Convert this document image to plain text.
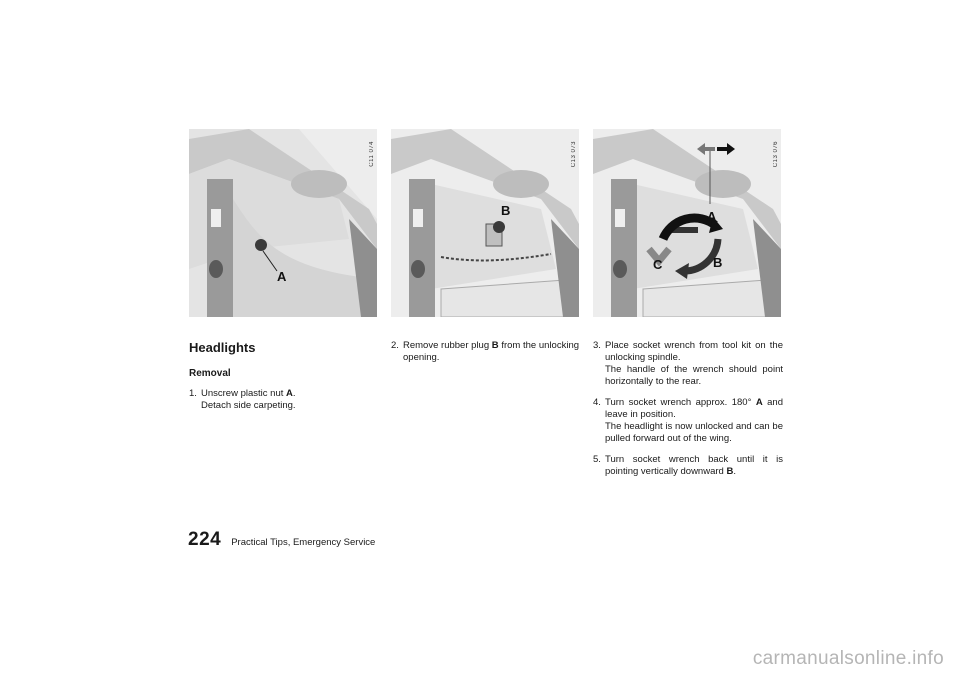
A
C11 074
B
C13 073
A
B
C
C13 076
Headlights
Removal
1. Unscrew plastic nut A.
Detach side carpeting.
2. Remove rubber plug B from the unlocking opening.
3. Place socket wrench from tool kit on the unlocking spindle.
The handle of the wrench should point horizontally to the rear.
4. Turn socket wrench approx. 180° A and leave in position.
The headlight is now unlocked and can be pulled forward out of the wing.
5. Turn socket wrench back until it is pointing vertically downward B.
224 Practical Tips, Emergency Service
carmanualsonline.info
